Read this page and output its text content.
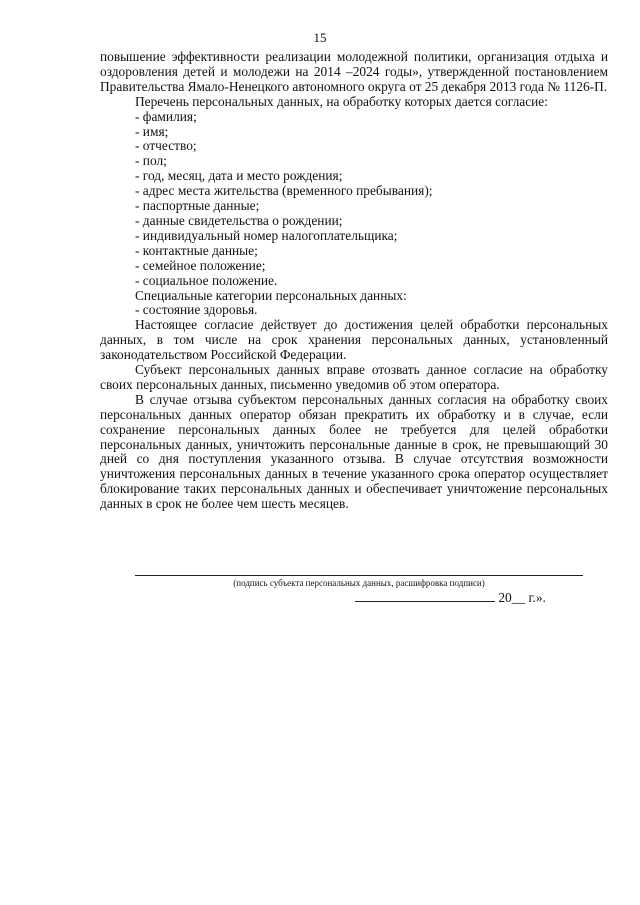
15

повышение эффективности реализации молодежной политики, организация отдыха и оздоровления детей и молодежи на 2014 –2024 годы», утвержденной постановлением Правительства Ямало-Ненецкого автономного округа от 25 декабря 2013 года № 1126-П.

Перечень персональных данных, на обработку которых дается согласие:

- фамилия;

- имя;

- отчество;

- пол;

- год, месяц, дата и место рождения;

- адрес места жительства (временного пребывания);

- паспортные данные;

- данные свидетельства о рождении;

- индивидуальный номер налогоплательщика;

- контактные данные;

- семейное положение;

- социальное положение.

Специальные категории персональных данных:

- состояние здоровья.

Настоящее согласие действует до достижения целей обработки персональных данных, в том числе на срок хранения персональных данных, установленный законодательством Российской Федерации.

Субъект персональных данных вправе отозвать данное согласие на обработку своих персональных данных, письменно уведомив об этом оператора.

В случае отзыва субъектом персональных данных согласия на обработку своих персональных данных оператор обязан прекратить их обработку и в случае, если сохранение персональных данных более не требуется для целей обработки персональных данных, уничтожить персональные данные в срок, не превышающий 30 дней со дня поступления указанного отзыва. В случае отсутствия возможности уничтожения персональных данных в течение указанного срока оператор осуществляет блокирование таких персональных данных и обеспечивает уничтожение персональных данных в срок не более чем шесть месяцев.

(подпись субъекта персональных данных, расшифровка подписи)
20__ г.».
